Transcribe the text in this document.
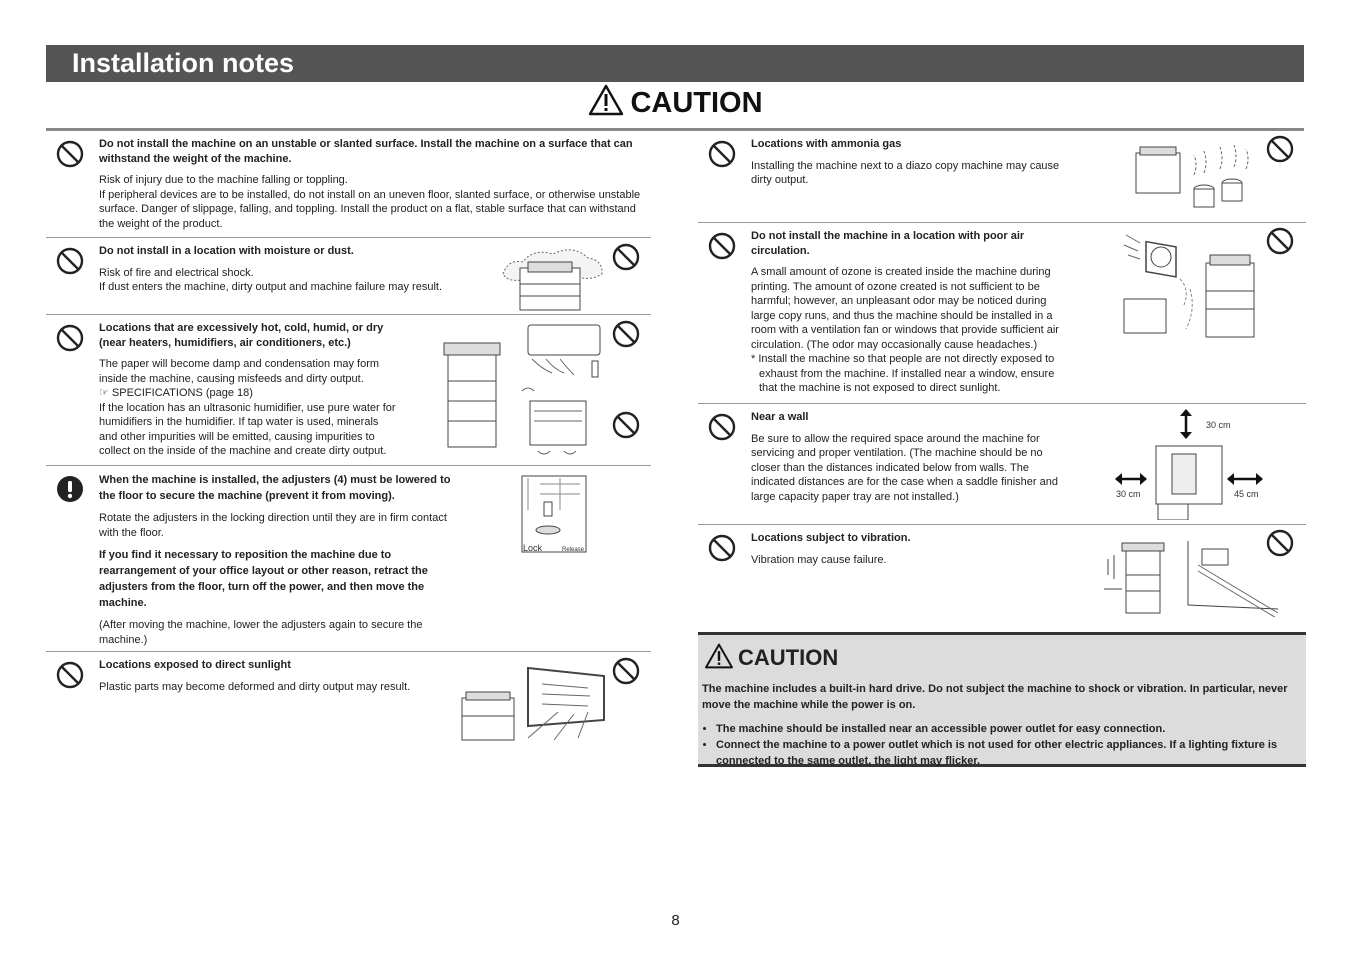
Installation notes
CAUTION

Do not install the machine on an unstable or slanted surface. Install the machine on a surface that can withstand the weight of the machine.

Risk of injury due to the machine falling or toppling.
If peripheral devices are to be installed, do not install on an uneven floor, slanted surface, or otherwise unstable surface. Danger of slippage, falling, and toppling. Install the product on a flat, stable surface that can withstand the weight of the product.

Do not install in a location with moisture or dust.

Risk of fire and electrical shock.
If dust enters the machine, dirty output and machine failure may result.

Locations that are excessively hot, cold, humid, or dry (near heaters, humidifiers, air conditioners, etc.)

The paper will become damp and condensation may form inside the machine, causing misfeeds and dirty output.
☞ SPECIFICATIONS (page 18)
If the location has an ultrasonic humidifier, use pure water for humidifiers in the humidifier. If tap water is used, minerals and other impurities will be emitted, causing impurities to collect on the inside of the machine and create dirty output.

When the machine is installed, the adjusters (4) must be lowered to the floor to secure the machine (prevent it from moving).

Rotate the adjusters in the locking direction until they are in firm contact with the floor.

If you find it necessary to reposition the machine due to rearrangement of your office layout or other reason, retract the adjusters from the floor, turn off the power, and then move the machine.

(After moving the machine, lower the adjusters again to secure the machine.)

Lock	Release

Locations exposed to direct sunlight

Plastic parts may become deformed and dirty output may result.

Locations with ammonia gas

Installing the machine next to a diazo copy machine may cause dirty output.

Do not install the machine in a location with poor air circulation.

A small amount of ozone is created inside the machine during printing. The amount of ozone created is not sufficient to be harmful; however, an unpleasant odor may be noticed during large copy runs, and thus the machine should be installed in a room with a ventilation fan or windows that provide sufficient air circulation. (The odor may occasionally cause headaches.)

* Install the machine so that people are not directly exposed to exhaust from the machine. If installed near a window, ensure that the machine is not exposed to direct sunlight.

Near a wall

Be sure to allow the required space around the machine for servicing and proper ventilation. (The machine should be no closer than the distances indicated below from walls. The indicated distances are for the case when a saddle finisher and large capacity paper tray are not installed.)

30 cm
30 cm	45 cm

Locations subject to vibration.

Vibration may cause failure.

CAUTION

The machine includes a built-in hard drive. Do not subject the machine to shock or vibration. In particular, never move the machine while the power is on.

• The machine should be installed near an accessible power outlet for easy connection.
• Connect the machine to a power outlet which is not used for other electric appliances. If a lighting fixture is connected to the same outlet, the light may flicker.
8
